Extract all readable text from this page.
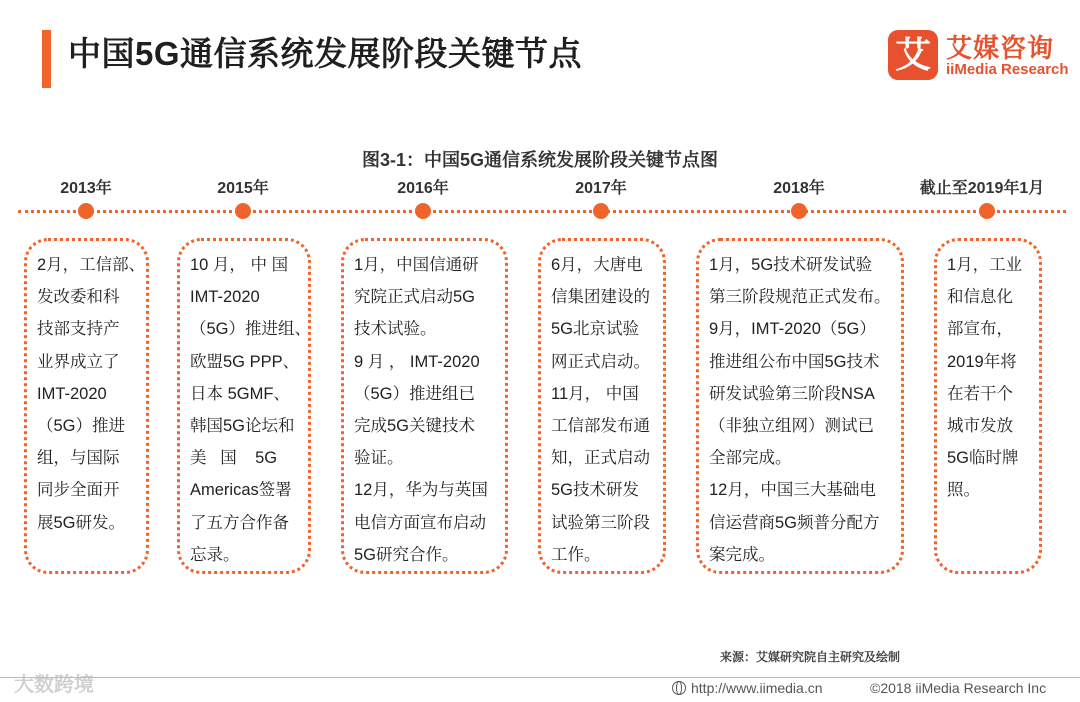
中国5G通信系统发展阶段关键节点	艾 艾媒咨询
iiMedia Research
图3-1：中国5G通信系统发展阶段关键节点图
2013年	2015年	2016年	2017年	2018年	截止至2019年1月
2月，工信部、
发改委和科
技部支持产
业界成立了
IMT-2020
（5G）推进
组，与国际
同步全面开
展5G研发。
10 月， 中 国
IMT-2020
（5G）推进组、
欧盟5G PPP、
日本 5GMF、
韩国5G论坛和
美   国    5G
Americas签署
了五方合作备
忘录。
1月，中国信通研
究院正式启动5G
技术试验。
9 月 ， IMT-2020
（5G）推进组已
完成5G关键技术
验证。
12月，华为与英国
电信方面宣布启动
5G研究合作。
6月，大唐电
信集团建设的
5G北京试验
网正式启动。
11月， 中国
工信部发布通
知，正式启动
5G技术研发
试验第三阶段
工作。
1月，5G技术研发试验
第三阶段规范正式发布。
9月，IMT-2020（5G）
推进组公布中国5G技术
研发试验第三阶段NSA
（非独立组网）测试已
全部完成。
12月，中国三大基础电
信运营商5G频普分配方
案完成。
1月，工业
和信息化
部宣布，
2019年将
在若干个
城市发放
5G临时牌
照。
来源：艾媒研究院自主研究及绘制
大数跨境	http://www.iimedia.cn	©2018 iiMedia Research Inc
